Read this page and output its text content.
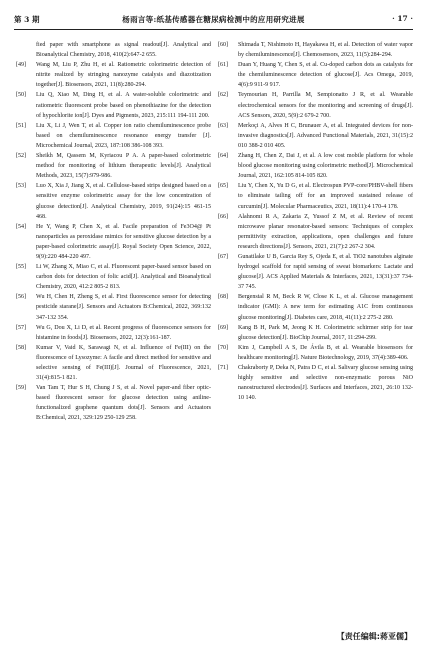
第 3 期	杨雨言等:纸基传感器在糖尿病检测中的应用研究进展	· 17 ·
fied paper with smartphone as signal readout[J]. Analytical and Bioanalytical Chemistry, 2018, 410(2):647-2 655.
[49]	Wang M, Liu P, Zhu H, et al. Ratiometric colorimetric detection of nitrite realized by stringing nanozyme catalysis and diazotization together[J]. Biosensors, 2021, 11(8):280-294.
[50]	Liu Q, Xiao M, Ding H, et al. A water-soluble colorimetric and ratiometric fluorescent probe based on phenothiazine for the detection of hypochlorite ion[J]. Dyes and Pigments, 2023, 215:111 194-111 200.
[51]	Liu X, Li J, Wen T, et al. Copper ion ratio chemiluminescence probe based on chemiluminescence resonance energy transfer [J]. Microchemical Journal, 2023, 187:108 386-108 393.
[52]	Sheikh M, Qassem M, Kyriacou P A. A paper-based colorimetric method for monitoring of lithium therapeutic levels[J]. Analytical Methods, 2023, 15(7):979-986.
[53]	Luo X, Xia J, Jiang X, et al. Cellulose-based strips designed based on a sensitive enzyme colorimetric assay for the low concentration of glucose detection[J]. Analytical Chemistry, 2019, 91(24):15 461-15 468.
[54]	He Y, Wang P, Chen X, et al. Facile preparation of Fe3O4@ Pt nanoparticles as peroxidase mimics for sensitive glucose detection by a paper-based colorimetric assay[J]. Royal Society Open Science, 2022, 9(9):220 484-220 497.
[55]	Li W, Zhang X, Miao C, et al. Fluorescent paper-based sensor based on carbon dots for detection of folic acid[J]. Analytical and Bioanalytical Chemistry, 2020, 412:2 805-2 813.
[56]	Wu H, Chen H, Zheng S, et al. First fluorescence sensor for detecting pesticide starane[J]. Sensors and Actuators B:Chemical, 2022, 369:132 347-132 354.
[57]	Wu G, Dou X, Li D, et al. Recent progress of fluorescence sensors for histamine in foods[J]. Biosensors, 2022, 12(3):161-187.
[58]	Kumar V, Vaid K, Sarawagi N, et al. Influence of Fe(III) on the fluorescence of Lysozyme: A facile and direct method for sensitive and selective sensing of Fe(III)[J]. Journal of Fluorescence, 2021, 31(4):815-1 821.
[59]	Van Tam T, Hur S H, Chung J S, et al. Novel paper-and fiber optic-based fluorescent sensor for glucose detection using aniline-functionalized graphene quantum dots[J]. Sensors and Actuators B:Chemical, 2021, 329:129 250-129 258.
[60]	Shimada T, Nishimoto H, Hayakawa H, et al. Detection of water vapor by chemiluminescence[J]. Chemosensors, 2023, 11(5):284-294.
[61]	Duan Y, Huang Y, Chen S, et al. Cu-doped carbon dots as catalysts for the chemiluminescence detection of glucose[J]. Acs Omega, 2019, 4(6):9 911-9 917.
[62]	Teymourian H, Parrilla M, Sempionatto J R, et al. Wearable electrochemical sensors for the monitoring and screening of drugs[J]. ACS Sensors, 2020, 5(9):2 679-2 700.
[63]	Merkoçi A, Alves H C, Brunauer A, et al. Integrated devices for non-invasive diagnostics[J]. Advanced Functional Materials, 2021, 31(15):2 010 388-2 010 405.
[64]	Zhang H, Chen Z, Dai J, et al. A low cost mobile platform for whole blood glucose monitoring using colorimetric method[J]. Microchemical Journal, 2021, 162:105 814-105 820.
[65]	Liu Y, Chen X, Yu D G, et al. Electrospun PVP-core/PHBV-shell fibers to eliminate tailing off for an improved sustained release of curcumin[J]. Molecular Pharmaceutics, 2021, 18(11):4 170-4 178.
[66]	Alahnomi R A, Zakaria Z, Yussof Z M, et al. Review of recent microwave planar resonator-based sensors: Techniques of complex permittivity extraction, applications, open challenges and future research directions[J]. Sensors, 2021, 21(7):2 267-2 304.
[67]	Gunatilake U B, Garcia Rey S, Ojeda E, et al. TiO2 nanotubes alginate hydrogel scaffold for rapid sensing of sweat biomarkers: Lactate and glucose[J]. ACS Applied Materials & Interfaces, 2021, 13(31):37 734-37 745.
[68]	Bergenstal R M, Beck R W, Close K L, et al. Glucose management indicator (GMI): A new term for estimating A1C from continuous glucose monitoring[J]. Diabetes care, 2018, 41(11):2 275-2 280.
[69]	Kang B H, Park M, Jeong K H. Colorimetric schirmer strip for tear glucose detection[J]. BioChip Journal, 2017, 11:294-299.
[70]	Kim J, Campbell A S, De Ávila B, et al. Wearable biosensors for healthcare monitoring[J]. Nature Biotechnology, 2019, 37(4):389-406.
[71]	Chakraborty P, Deka N, Patra D C, et al. Salivary glucose sensing using highly sensitive and selective non-enzymatic porous NiO nanostructured electrodes[J]. Surfaces and Interfaces, 2021, 26:10 132-10 140.
【责任编辑:蒋亚儒】
